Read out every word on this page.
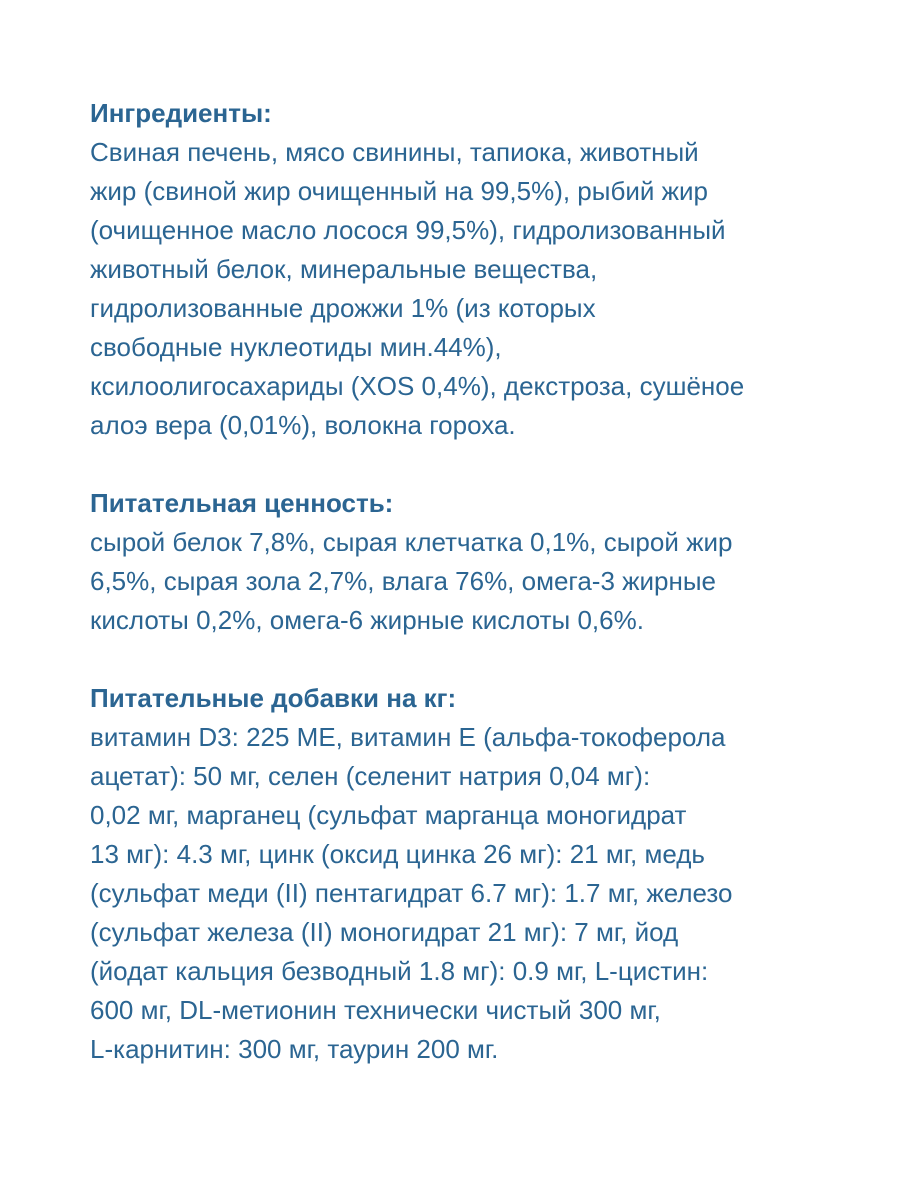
Ингредиенты:

Свиная печень, мясо свинины, тапиока, животный

жир (свиной жир очищенный на 99,5%), рыбий жир

(очищенное масло лосося 99,5%), гидролизованный

животный белок, минеральные вещества,

гидролизованные дрожжи 1% (из которых

свободные нуклеотиды мин.44%),

ксилоолигосахариды (XOS 0,4%), декстроза, сушёное

алоэ вера (0,01%), волокна гороха.

Питательная ценность:

сырой белок 7,8%, сырая клетчатка 0,1%, сырой жир

6,5%, сырая зола 2,7%, влага 76%, омега-3 жирные

кислоты 0,2%, омега-6 жирные кислоты 0,6%.

Питательные добавки на кг:

витамин D3: 225 МЕ, витамин Е (альфа-токоферола

ацетат): 50 мг, селен (селенит натрия 0,04 мг):

0,02 мг, марганец (сульфат марганца моногидрат

13 мг): 4.3 мг, цинк (оксид цинка 26 мг): 21 мг, медь

(сульфат меди (II) пентагидрат 6.7 мг): 1.7 мг, железо

(сульфат железа (II) моногидрат 21 мг): 7 мг, йод

(йодат кальция безводный 1.8 мг): 0.9 мг, L-цистин:

600 мг, DL-метионин технически чистый 300 мг,

L-карнитин: 300 мг, таурин 200 мг.
